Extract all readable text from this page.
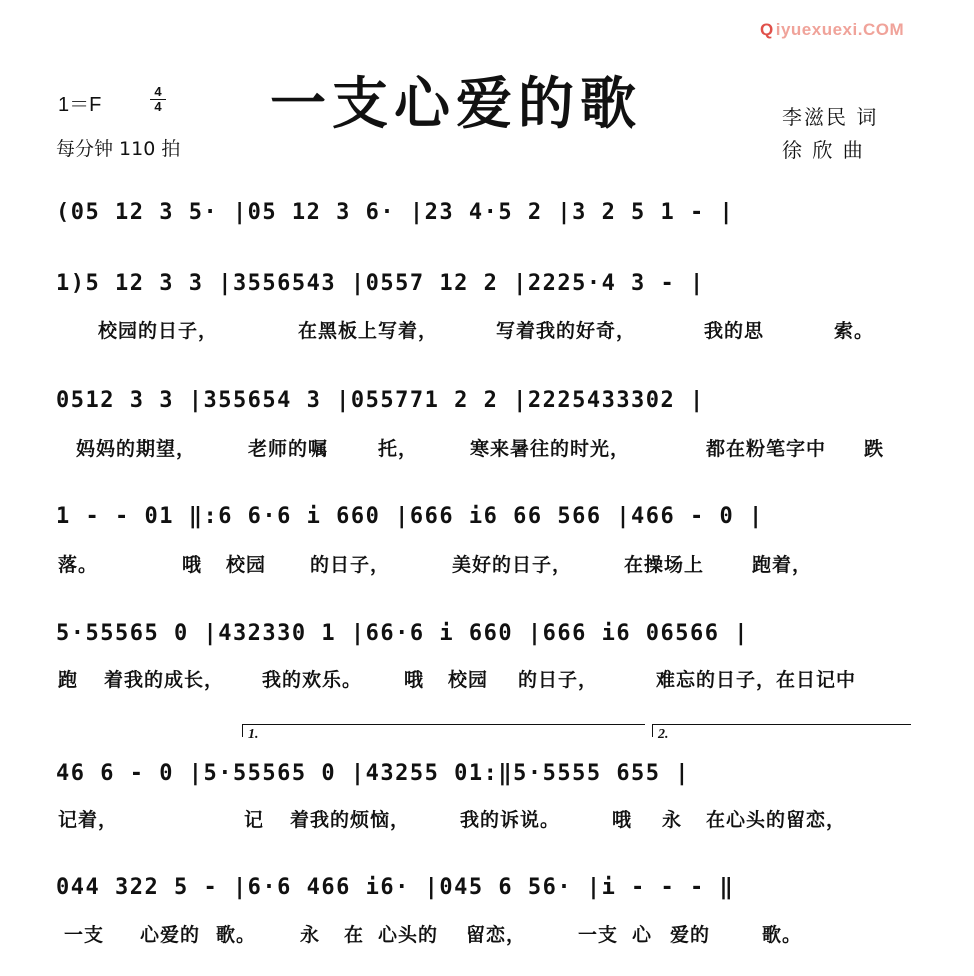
Q iyuexuexi.COM
1＝F
4
4
每分钟 110 拍
一支心爱的歌	李滋民 词
徐 欣 曲
(05 12 3 5· |05 12 3 6· |23 4·5 2 |3 2 5 1 - |
1)5 12 3 3 |3556543 |0557 12 2 |2225·4 3 - |
校园的日子，	在黑板上写着，	写着我的好奇，	我的思	索。
0512 3 3 |355654 3 |055771 2 2 |2225433302 |
妈妈的期望，	老师的嘱	托，	寒来暑往的时光，	都在粉笔字中 跌
1 - - 01 ‖:6 6·6 i 660 |666 i6 66 566 |466 - 0 |
落。	哦 校园 的日子，	美好的日子，	在操场上	跑着，
5·55565 0 |432330 1 |66·6 i 660 |666 i6 06566 |
跑 着我的成长， 我的欢乐。 哦 校园 的日子，	难忘的日子，在日记中
1.	2.
46 6 - 0 |5·55565 0 |43255 01:‖5·5555 655 |
记着，	记 着我的烦恼，	我的诉说。	哦 永 在心头的留恋，
044 322 5 - |6·6 466 i6· |045 6 56· |i - - - ‖
一支 心爱的 歌。 永 在 心头的 留恋，	一支 心 爱的	歌。
